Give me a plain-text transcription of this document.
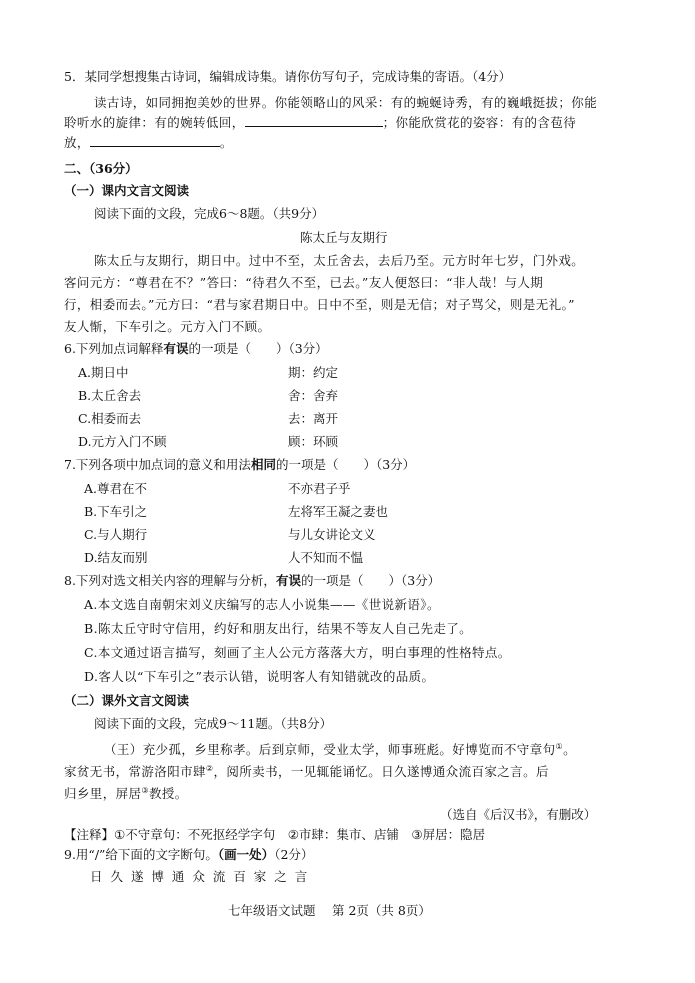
5．某同学想搜集古诗词，编辑成诗集。请你仿写句子，完成诗集的寄语。（4分）
读古诗，如同拥抱美妙的世界。你能领略山的风采：有的蜿蜒诗秀，有的巍峨挺拔；你能
聆听水的旋律：有的婉转低回，	；你能欣赏花的姿容：有的含苞待
放，	。
二、（36分）
（一）课内文言文阅读
阅读下面的文段，完成6～8题。（共9分）
陈太丘与友期行
陈太丘与友期行，期日中。过中不至，太丘舍去，去后乃至。元方时年七岁，门外戏。
客问元方：“尊君在不？”答曰：“待君久不至，已去。”友人便怒曰：“非人哉！与人期
行，相委而去。”元方曰：“君与家君期日中。日中不至，则是无信；对子骂父，则是无礼。”
友人惭，下车引之。元方入门不顾。
6.下列加点词解释有误的一项是（　　）（3分）
A.期日中	期：约定
B.太丘舍去	舍：舍弃
C.相委而去	去：离开
D.元方入门不顾	顾：环顾
7.下列各项中加点词的意义和用法相同的一项是（　　）（3分）
A.尊君在不	不亦君子乎
B.下车引之	左将军王凝之妻也
C.与人期行	与儿女讲论文义
D.结友而别	人不知而不愠
8.下列对选文相关内容的理解与分析，有误的一项是（　　）（3分）
A.本文选自南朝宋刘义庆编写的志人小说集——《世说新语》。
B.陈太丘守时守信用，约好和朋友出行，结果不等友人自己先走了。
C.本文通过语言描写，刻画了主人公元方落落大方，明白事理的性格特点。
D.客人以“下车引之”表示认错，说明客人有知错就改的品质。
（二）课外文言文阅读
阅读下面的文段，完成9～11题。（共8分）
（王）充少孤，乡里称孝。后到京师，受业太学，师事班彪。好博览而不守章句①。
家贫无书，常游洛阳市肆②，阅所卖书，一见辄能诵忆。日久遂博通众流百家之言。后
归乡里，屏居③教授。
（选自《后汉书》，有删改）
【注释】①不守章句：不死抠经学字句　②市肆：集市、店铺　③屏居：隐居
9.用“/”给下面的文字断句。（画一处）（2分）
日 久 遂 博 通 众 流 百 家 之 言
七年级语文试题　 第 2页（共 8页）
